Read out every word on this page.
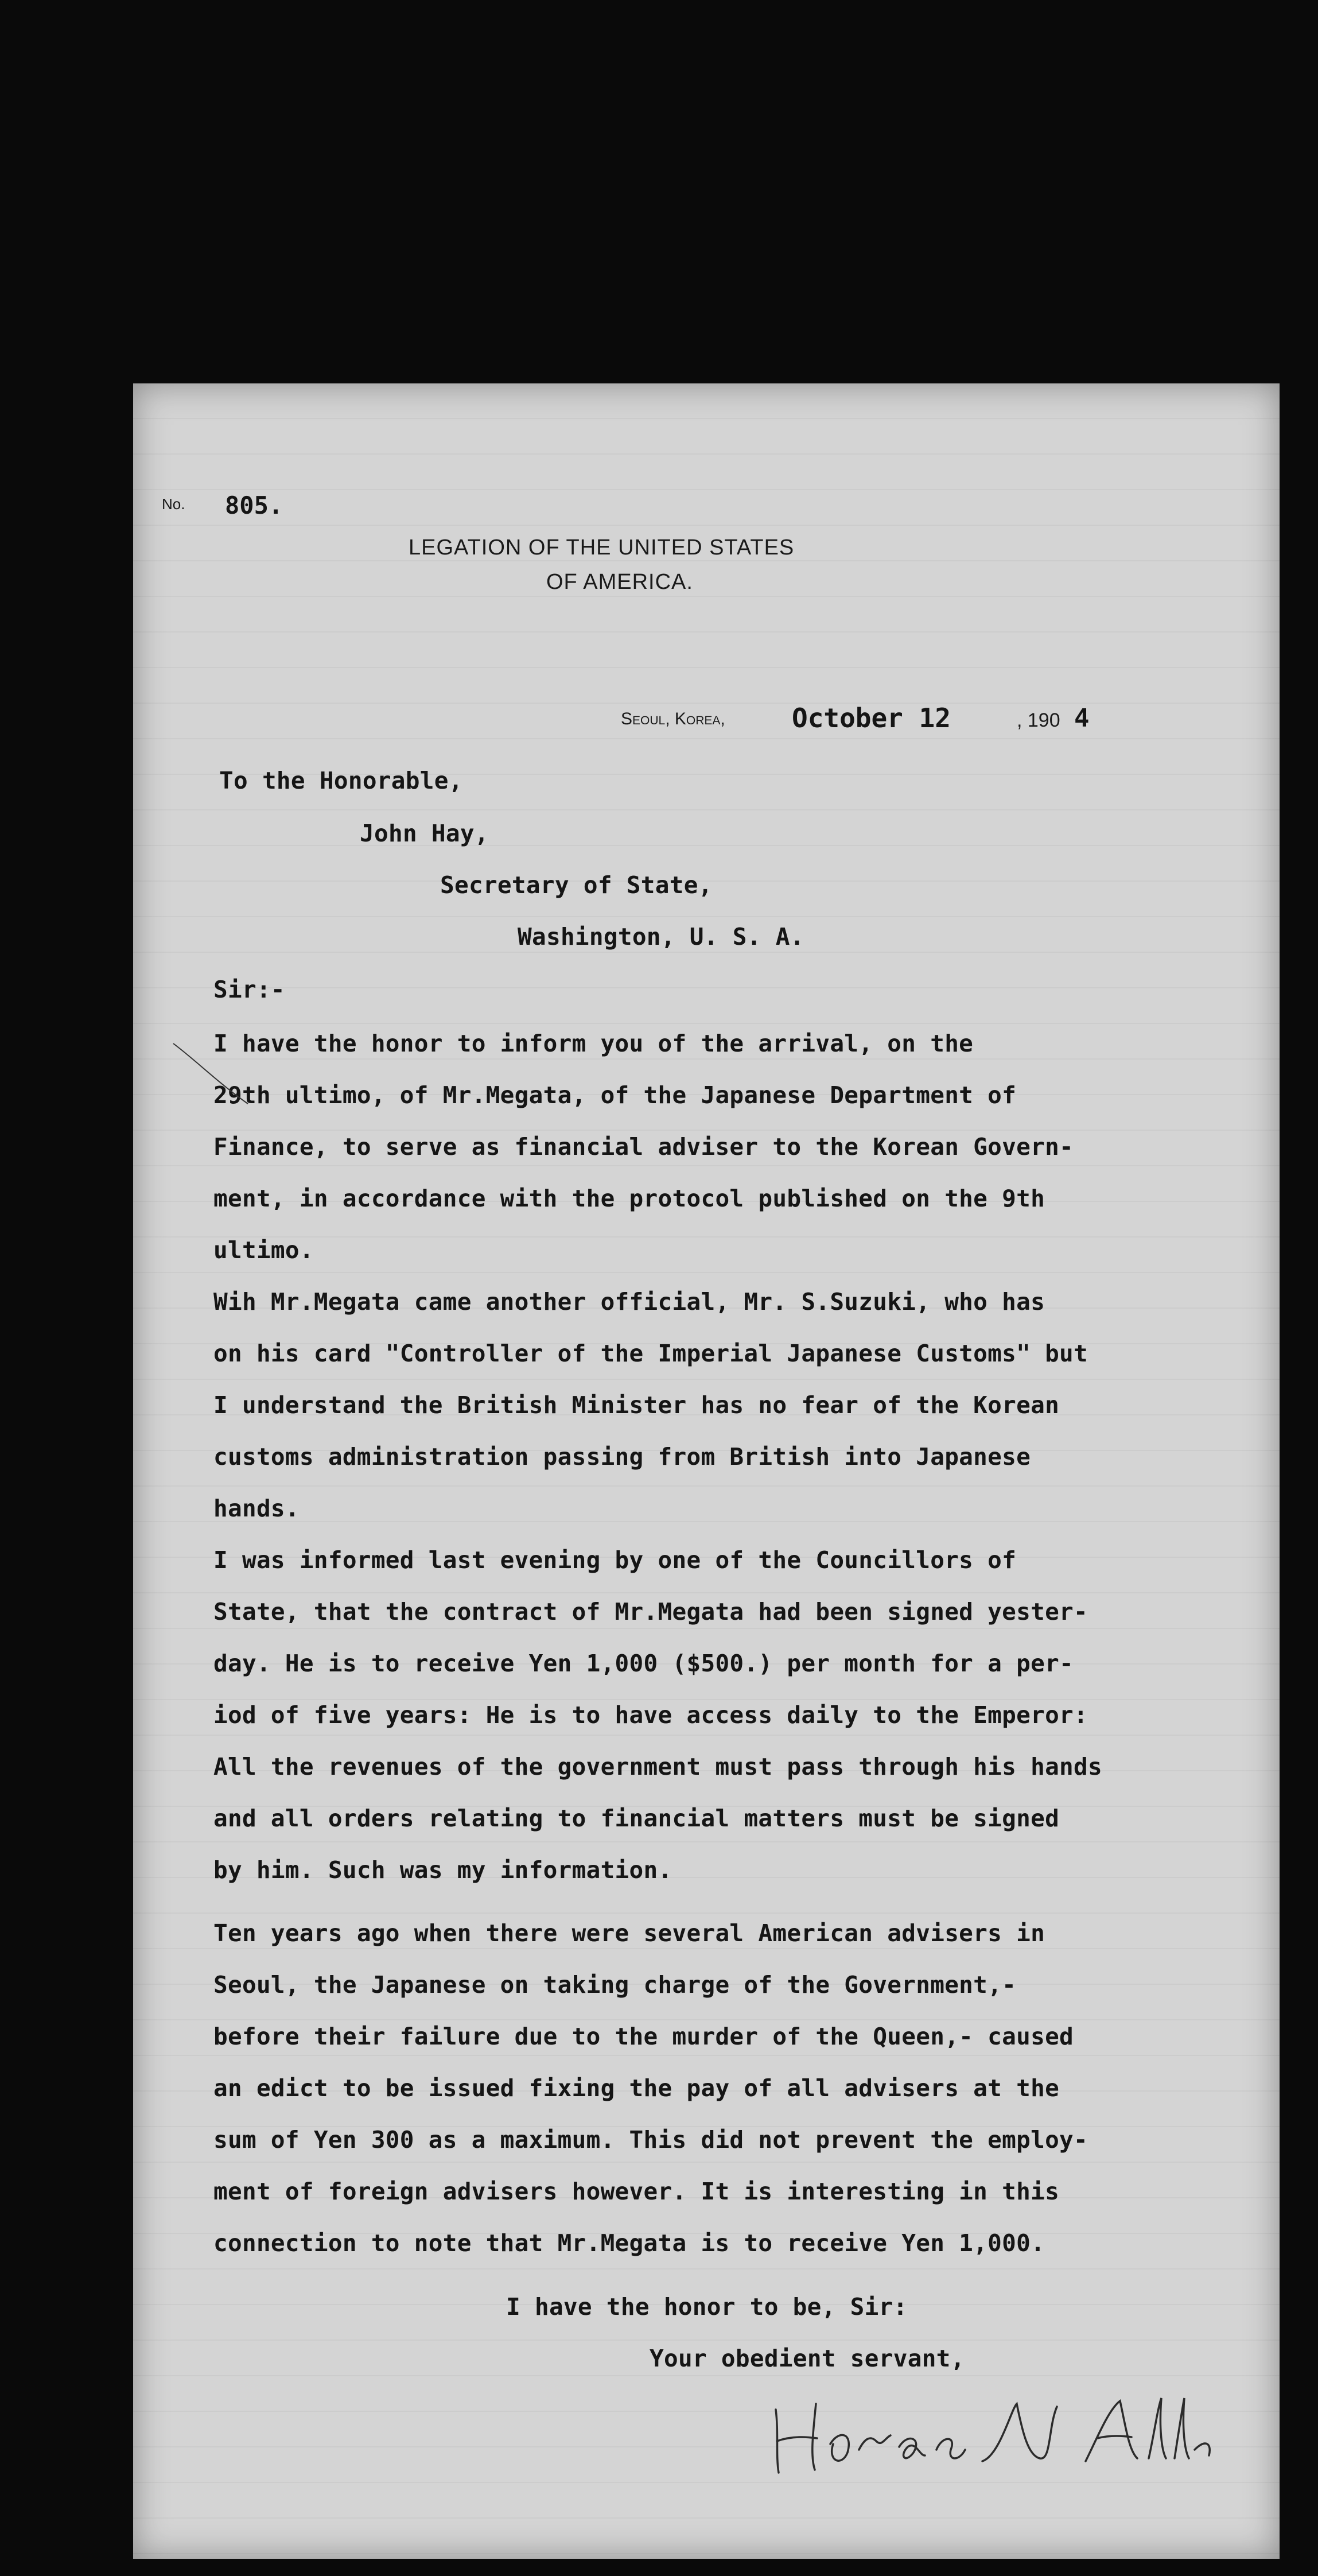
No. 805.
LEGATION OF THE UNITED STATES
OF AMERICA.
Seoul, Korea,	October 12	, 190 4
To the Honorable,
John Hay,
Secretary of State,
Washington, U. S. A.
Sir:-
I have the honor to inform you of the arrival, on the
29th ultimo, of Mr.Megata, of the Japanese Department of
Finance, to serve as financial adviser to the Korean Govern-
ment, in accordance with the protocol published on the 9th
ultimo.
Wih Mr.Megata came another official, Mr. S.Suzuki, who has
on his card "Controller of the Imperial Japanese Customs" but
I understand the British Minister has no fear of the Korean
customs administration passing from British into Japanese
hands.
I was informed last evening by one of the Councillors of
State, that the contract of Mr.Megata had been signed yester-
day. He is to receive Yen 1,000 ($500.) per month for a per-
iod of five years: He is to have access daily to the Emperor:
All the revenues of the government must pass through his hands
and all orders relating to financial matters must be signed
by him. Such was my information.
Ten years ago when there were several American advisers in
Seoul, the Japanese on taking charge of the Government,-
before their failure due to the murder of the Queen,- caused
an edict to be issued fixing the pay of all advisers at the
sum of Yen 300 as a maximum. This did not prevent the employ-
ment of foreign advisers however. It is interesting in this
connection to note that Mr.Megata is to receive Yen 1,000.
I have the honor to be, Sir:
Your obedient servant,
